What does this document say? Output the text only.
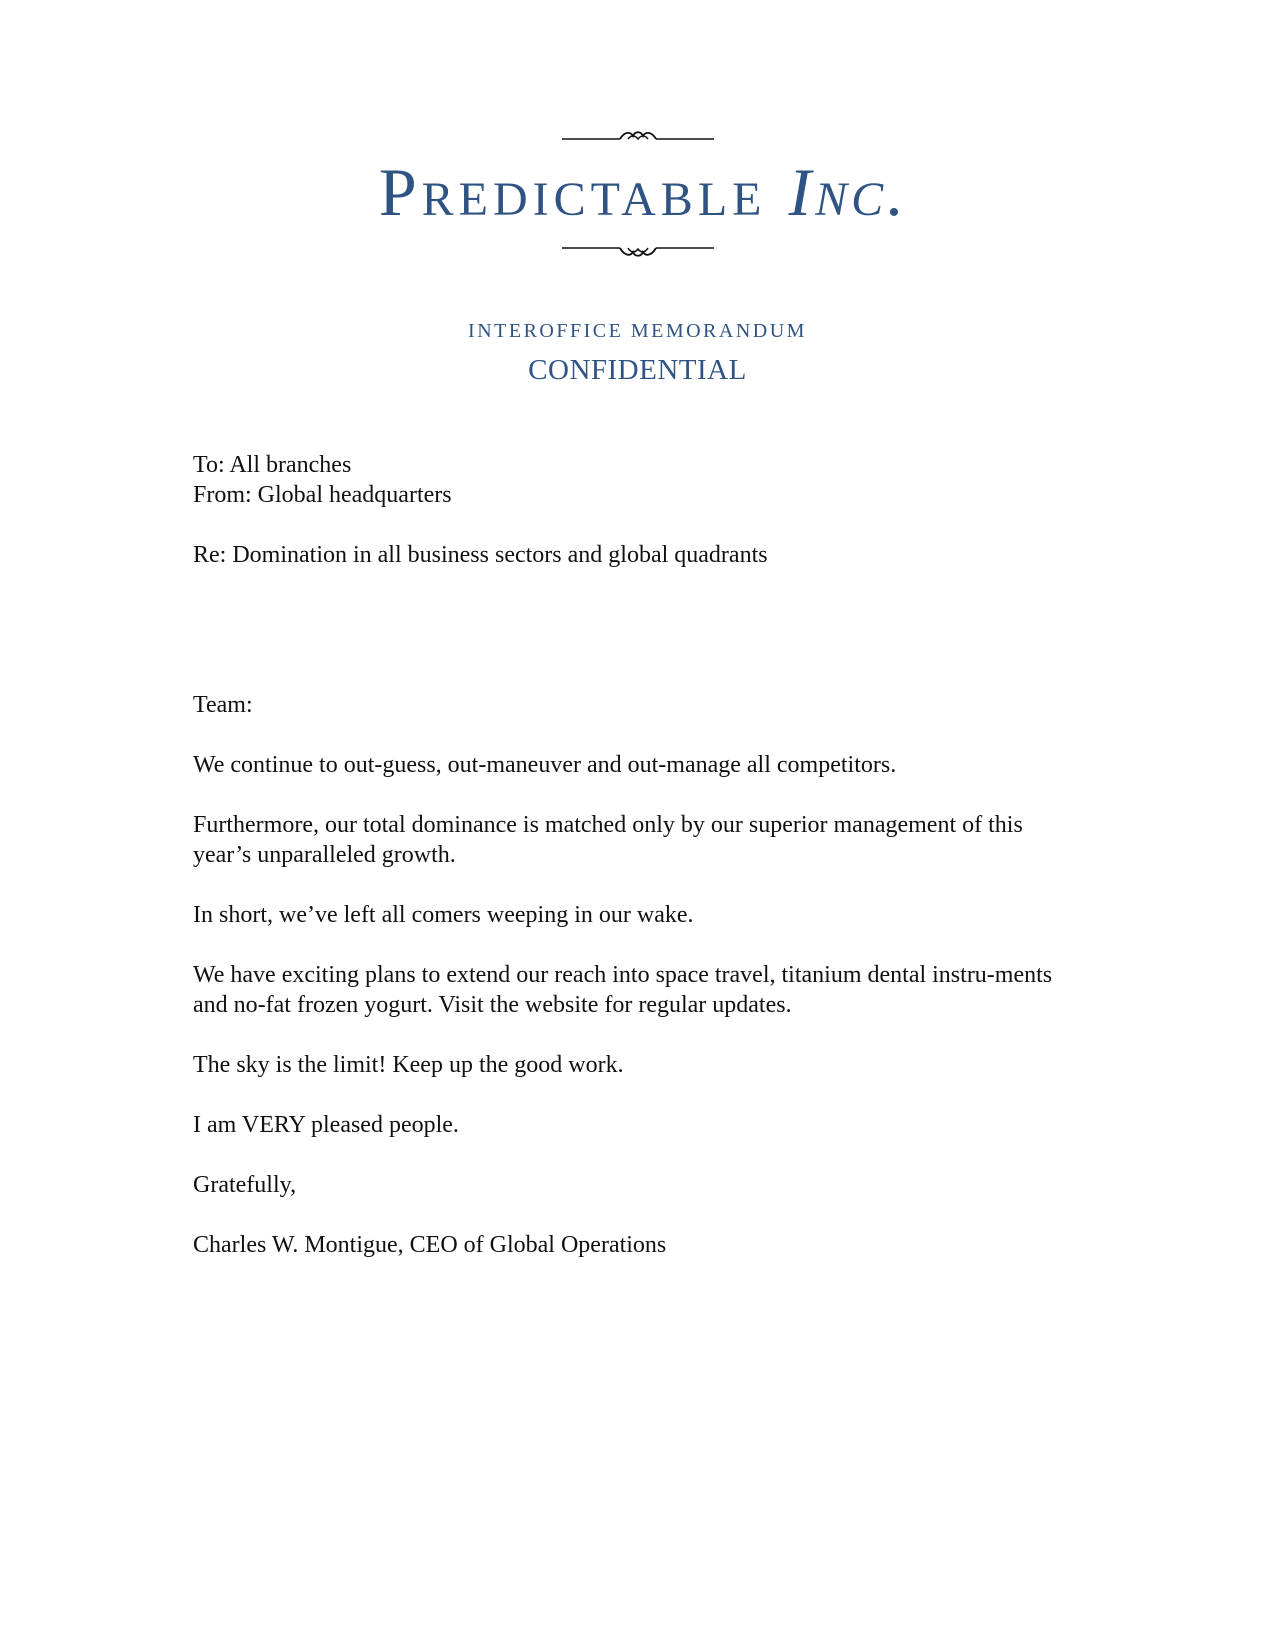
Predictable Inc.
INTEROFFICE MEMORANDUM
CONFIDENTIAL

To: All branches

From: Global headquarters

Re: Domination in all business sectors and global quadrants

Team:

We continue to out-guess, out-maneuver and out-manage all competitors.

Furthermore, our total dominance is matched only by our superior management of this year’s unparalleled growth.

In short, we’ve left all comers weeping in our wake.

We have exciting plans to extend our reach into space travel, titanium dental instru-ments and no-fat frozen yogurt. Visit the website for regular updates.

The sky is the limit! Keep up the good work.

I am VERY pleased people.

Gratefully,

Charles W. Montigue, CEO of Global Operations
